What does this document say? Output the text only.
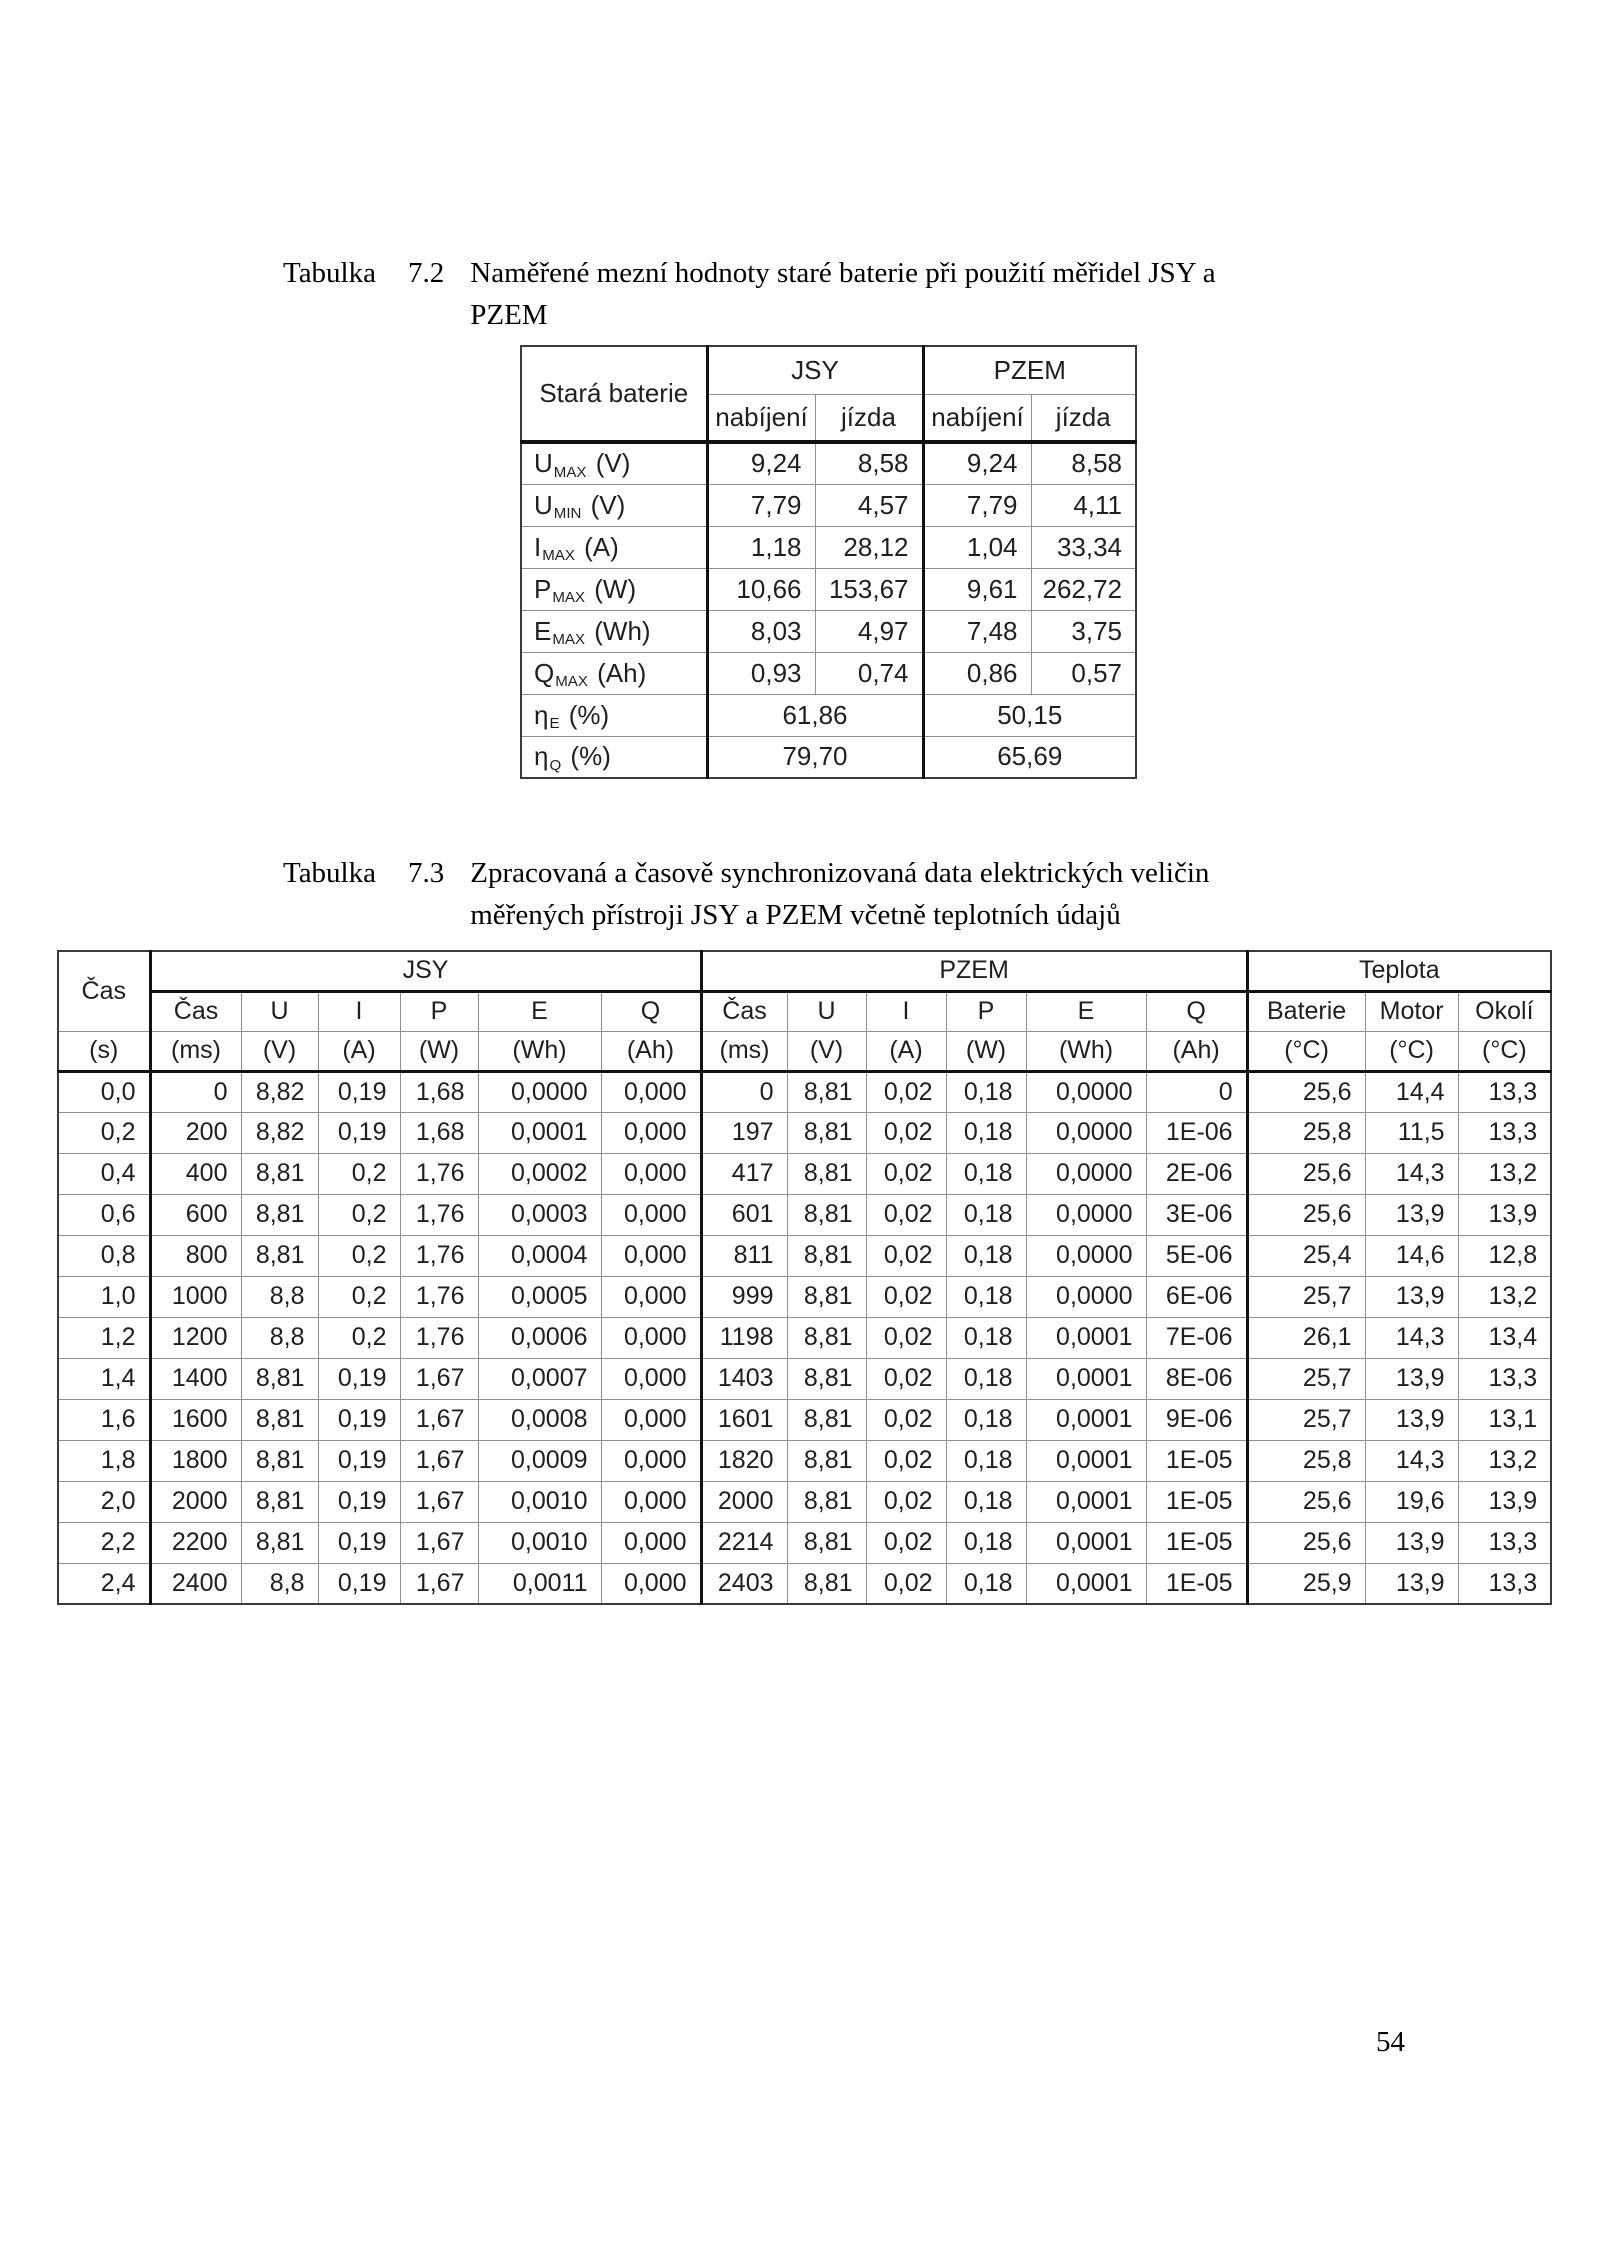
Tabulka 7.2 Naměřené mezní hodnoty staré baterie při použití měřidel JSY a
PZEM
Stará baterie	JSY		PZEM	
	nabíjení	jízda	nabíjení	jízda
UMAX (V)	9,24	8,58	9,24	8,58
UMIN (V)	7,79	4,57	7,79	4,11
IMAX (A)	1,18	28,12	1,04	33,34
PMAX (W)	10,66	153,67	9,61	262,72
EMAX (Wh)	8,03	4,97	7,48	3,75
QMAX (Ah)	0,93	0,74	0,86	0,57
ηE (%)	61,86		50,15	
ηQ (%)	79,70		65,69	
Tabulka 7.3 Zpracovaná a časově synchronizovaná data elektrických veličin
měřených přístroji JSY a PZEM včetně teplotních údajů
Čas	JSY						PZEM						Teplota		
	Čas	U	I	P	E	Q	Čas	U	I	P	E	Q	Baterie	Motor	Okolí
(s)	(ms)	(V)	(A)	(W)	(Wh)	(Ah)	(ms)	(V)	(A)	(W)	(Wh)	(Ah)	(°C)	(°C)	(°C)
0,0	0	8,82	0,19	1,68	0,0000	0,000	0	8,81	0,02	0,18	0,0000	0	25,6	14,4	13,3
0,2	200	8,82	0,19	1,68	0,0001	0,000	197	8,81	0,02	0,18	0,0000	1E-06	25,8	11,5	13,3
0,4	400	8,81	0,2	1,76	0,0002	0,000	417	8,81	0,02	0,18	0,0000	2E-06	25,6	14,3	13,2
0,6	600	8,81	0,2	1,76	0,0003	0,000	601	8,81	0,02	0,18	0,0000	3E-06	25,6	13,9	13,9
0,8	800	8,81	0,2	1,76	0,0004	0,000	811	8,81	0,02	0,18	0,0000	5E-06	25,4	14,6	12,8
1,0	1000	8,8	0,2	1,76	0,0005	0,000	999	8,81	0,02	0,18	0,0000	6E-06	25,7	13,9	13,2
1,2	1200	8,8	0,2	1,76	0,0006	0,000	1198	8,81	0,02	0,18	0,0001	7E-06	26,1	14,3	13,4
1,4	1400	8,81	0,19	1,67	0,0007	0,000	1403	8,81	0,02	0,18	0,0001	8E-06	25,7	13,9	13,3
1,6	1600	8,81	0,19	1,67	0,0008	0,000	1601	8,81	0,02	0,18	0,0001	9E-06	25,7	13,9	13,1
1,8	1800	8,81	0,19	1,67	0,0009	0,000	1820	8,81	0,02	0,18	0,0001	1E-05	25,8	14,3	13,2
2,0	2000	8,81	0,19	1,67	0,0010	0,000	2000	8,81	0,02	0,18	0,0001	1E-05	25,6	19,6	13,9
2,2	2200	8,81	0,19	1,67	0,0010	0,000	2214	8,81	0,02	0,18	0,0001	1E-05	25,6	13,9	13,3
2,4	2400	8,8	0,19	1,67	0,0011	0,000	2403	8,81	0,02	0,18	0,0001	1E-05	25,9	13,9	13,3
54
